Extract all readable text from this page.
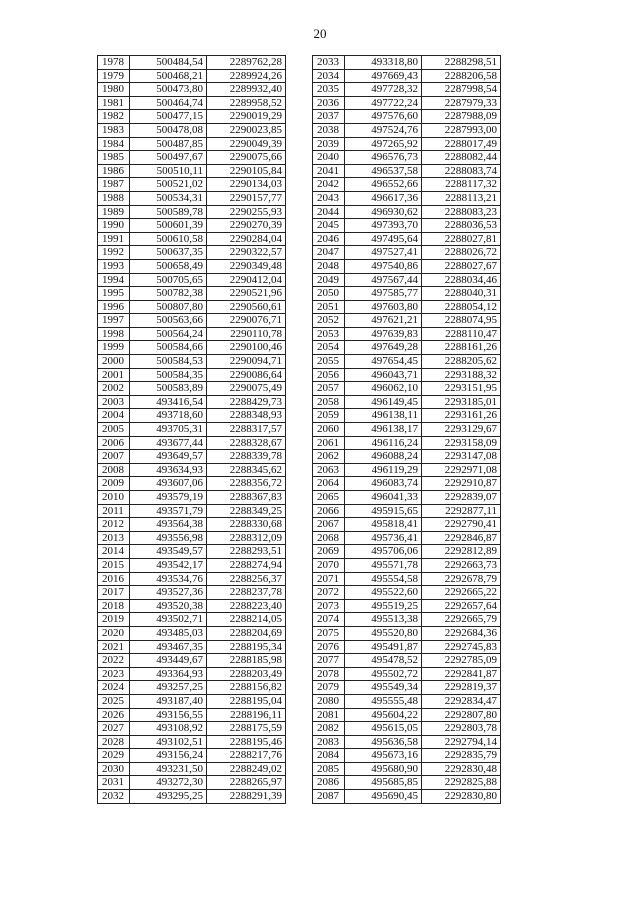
20
1978	500484,54	2289762,28
1979	500468,21	2289924,26
1980	500473,80	2289932,40
1981	500464,74	2289958,52
1982	500477,15	2290019,29
1983	500478,08	2290023,85
1984	500487,85	2290049,39
1985	500497,67	2290075,66
1986	500510,11	2290105,84
1987	500521,02	2290134,03
1988	500534,31	2290157,77
1989	500589,78	2290255,93
1990	500601,39	2290270,39
1991	500610,58	2290284,04
1992	500637,35	2290322,57
1993	500658,49	2290349,48
1994	500705,65	2290412,04
1995	500782,38	2290521,96
1996	500807,80	2290560,61
1997	500563,66	2290076,71
1998	500564,24	2290110,78
1999	500584,66	2290100,46
2000	500584,53	2290094,71
2001	500584,35	2290086,64
2002	500583,89	2290075,49
2003	493416,54	2288429,73
2004	493718,60	2288348,93
2005	493705,31	2288317,57
2006	493677,44	2288328,67
2007	493649,57	2288339,78
2008	493634,93	2288345,62
2009	493607,06	2288356,72
2010	493579,19	2288367,83
2011	493571,79	2288349,25
2012	493564,38	2288330,68
2013	493556,98	2288312,09
2014	493549,57	2288293,51
2015	493542,17	2288274,94
2016	493534,76	2288256,37
2017	493527,36	2288237,78
2018	493520,38	2288223,40
2019	493502,71	2288214,05
2020	493485,03	2288204,69
2021	493467,35	2288195,34
2022	493449,67	2288185,98
2023	493364,93	2288203,49
2024	493257,25	2288156,82
2025	493187,40	2288195,04
2026	493156,55	2288196,11
2027	493108,92	2288175,59
2028	493102,51	2288195,46
2029	493156,24	2288217,76
2030	493231,50	2288249,02
2031	493272,30	2288265,97
2032	493295,25	2288291,39
2033	493318,80	2288298,51
2034	497669,43	2288206,58
2035	497728,32	2287998,54
2036	497722,24	2287979,33
2037	497576,60	2287988,09
2038	497524,76	2287993,00
2039	497265,92	2288017,49
2040	496576,73	2288082,44
2041	496537,58	2288083,74
2042	496552,66	2288117,32
2043	496617,36	2288113,21
2044	496930,62	2288083,23
2045	497393,70	2288036,53
2046	497495,64	2288027,81
2047	497527,41	2288026,72
2048	497540,86	2288027,67
2049	497567,44	2288034,46
2050	497585,77	2288040,31
2051	497603,80	2288054,12
2052	497621,21	2288074,95
2053	497639,83	2288110,47
2054	497649,28	2288161,26
2055	497654,45	2288205,62
2056	496043,71	2293188,32
2057	496062,10	2293151,95
2058	496149,45	2293185,01
2059	496138,11	2293161,26
2060	496138,17	2293129,67
2061	496116,24	2293158,09
2062	496088,24	2293147,08
2063	496119,29	2292971,08
2064	496083,74	2292910,87
2065	496041,33	2292839,07
2066	495915,65	2292877,11
2067	495818,41	2292790,41
2068	495736,41	2292846,87
2069	495706,06	2292812,89
2070	495571,78	2292663,73
2071	495554,58	2292678,79
2072	495522,60	2292665,22
2073	495519,25	2292657,64
2074	495513,38	2292665,79
2075	495520,80	2292684,36
2076	495491,87	2292745,83
2077	495478,52	2292785,09
2078	495502,72	2292841,87
2079	495549,34	2292819,37
2080	495555,48	2292834,47
2081	495604,22	2292807,80
2082	495615,05	2292803,78
2083	495636,58	2292794,14
2084	495673,16	2292835,79
2085	495680,90	2292830,48
2086	495685,85	2292825,88
2087	495690,45	2292830,80
